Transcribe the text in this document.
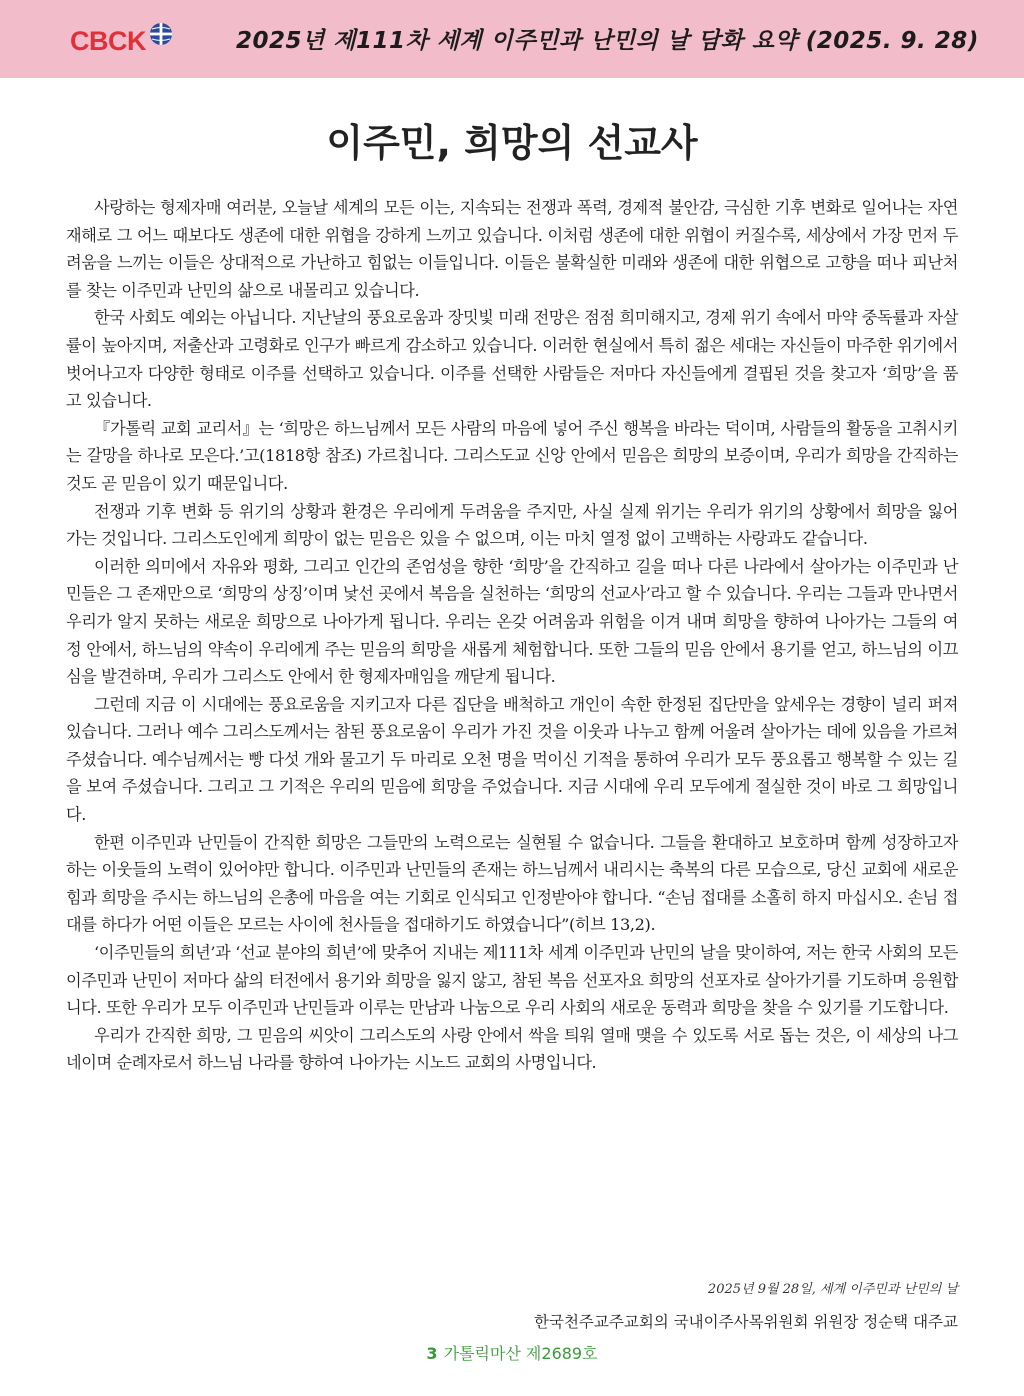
CBCK	2025년 제111차 세계 이주민과 난민의 날 담화 요약 (2025. 9. 28)
이주민, 희망의 선교사

사랑하는 형제자매 여러분, 오늘날 세계의 모든 이는, 지속되는 전쟁과 폭력, 경제적 불안감, 극심한 기후 변화로 일어나는 자연재해로 그 어느 때보다도 생존에 대한 위협을 강하게 느끼고 있습니다. 이처럼 생존에 대한 위협이 커질수록, 세상에서 가장 먼저 두려움을 느끼는 이들은 상대적으로 가난하고 힘없는 이들입니다. 이들은 불확실한 미래와 생존에 대한 위협으로 고향을 떠나 피난처를 찾는 이주민과 난민의 삶으로 내몰리고 있습니다.

한국 사회도 예외는 아닙니다. 지난날의 풍요로움과 장밋빛 미래 전망은 점점 희미해지고, 경제 위기 속에서 마약 중독률과 자살률이 높아지며, 저출산과 고령화로 인구가 빠르게 감소하고 있습니다. 이러한 현실에서 특히 젊은 세대는 자신들이 마주한 위기에서 벗어나고자 다양한 형태로 이주를 선택하고 있습니다. 이주를 선택한 사람들은 저마다 자신들에게 결핍된 것을 찾고자 ‘희망’을 품고 있습니다.

『가톨릭 교회 교리서』는 ‘희망은 하느님께서 모든 사람의 마음에 넣어 주신 행복을 바라는 덕이며, 사람들의 활동을 고취시키는 갈망을 하나로 모은다.’고(1818항 참조) 가르칩니다. 그리스도교 신앙 안에서 믿음은 희망의 보증이며, 우리가 희망을 간직하는 것도 곧 믿음이 있기 때문입니다.

전쟁과 기후 변화 등 위기의 상황과 환경은 우리에게 두려움을 주지만, 사실 실제 위기는 우리가 위기의 상황에서 희망을 잃어 가는 것입니다. 그리스도인에게 희망이 없는 믿음은 있을 수 없으며, 이는 마치 열정 없이 고백하는 사랑과도 같습니다.

이러한 의미에서 자유와 평화, 그리고 인간의 존엄성을 향한 ‘희망’을 간직하고 길을 떠나 다른 나라에서 살아가는 이주민과 난민들은 그 존재만으로 ‘희망의 상징’이며 낯선 곳에서 복음을 실천하는 ‘희망의 선교사’라고 할 수 있습니다. 우리는 그들과 만나면서 우리가 알지 못하는 새로운 희망으로 나아가게 됩니다. 우리는 온갖 어려움과 위험을 이겨 내며 희망을 향하여 나아가는 그들의 여정 안에서, 하느님의 약속이 우리에게 주는 믿음의 희망을 새롭게 체험합니다. 또한 그들의 믿음 안에서 용기를 얻고, 하느님의 이끄심을 발견하며, 우리가 그리스도 안에서 한 형제자매임을 깨닫게 됩니다.

그런데 지금 이 시대에는 풍요로움을 지키고자 다른 집단을 배척하고 개인이 속한 한정된 집단만을 앞세우는 경향이 널리 퍼져 있습니다. 그러나 예수 그리스도께서는 참된 풍요로움이 우리가 가진 것을 이웃과 나누고 함께 어울려 살아가는 데에 있음을 가르쳐 주셨습니다. 예수님께서는 빵 다섯 개와 물고기 두 마리로 오천 명을 먹이신 기적을 통하여 우리가 모두 풍요롭고 행복할 수 있는 길을 보여 주셨습니다. 그리고 그 기적은 우리의 믿음에 희망을 주었습니다. 지금 시대에 우리 모두에게 절실한 것이 바로 그 희망입니다.

한편 이주민과 난민들이 간직한 희망은 그들만의 노력으로는 실현될 수 없습니다. 그들을 환대하고 보호하며 함께 성장하고자 하는 이웃들의 노력이 있어야만 합니다. 이주민과 난민들의 존재는 하느님께서 내리시는 축복의 다른 모습으로, 당신 교회에 새로운 힘과 희망을 주시는 하느님의 은총에 마음을 여는 기회로 인식되고 인정받아야 합니다. “손님 접대를 소홀히 하지 마십시오. 손님 접대를 하다가 어떤 이들은 모르는 사이에 천사들을 접대하기도 하였습니다”(히브 13,2).

‘이주민들의 희년’과 ‘선교 분야의 희년’에 맞추어 지내는 제111차 세계 이주민과 난민의 날을 맞이하여, 저는 한국 사회의 모든 이주민과 난민이 저마다 삶의 터전에서 용기와 희망을 잃지 않고, 참된 복음 선포자요 희망의 선포자로 살아가기를 기도하며 응원합니다. 또한 우리가 모두 이주민과 난민들과 이루는 만남과 나눔으로 우리 사회의 새로운 동력과 희망을 찾을 수 있기를 기도합니다.

우리가 간직한 희망, 그 믿음의 씨앗이 그리스도의 사랑 안에서 싹을 틔워 열매 맺을 수 있도록 서로 돕는 것은, 이 세상의 나그네이며 순례자로서 하느님 나라를 향하여 나아가는 시노드 교회의 사명입니다.

2025년 9월 28일, 세계 이주민과 난민의 날
한국천주교주교회의 국내이주사목위원회 위원장 정순택 대주교
3 가톨릭마산 제2689호
